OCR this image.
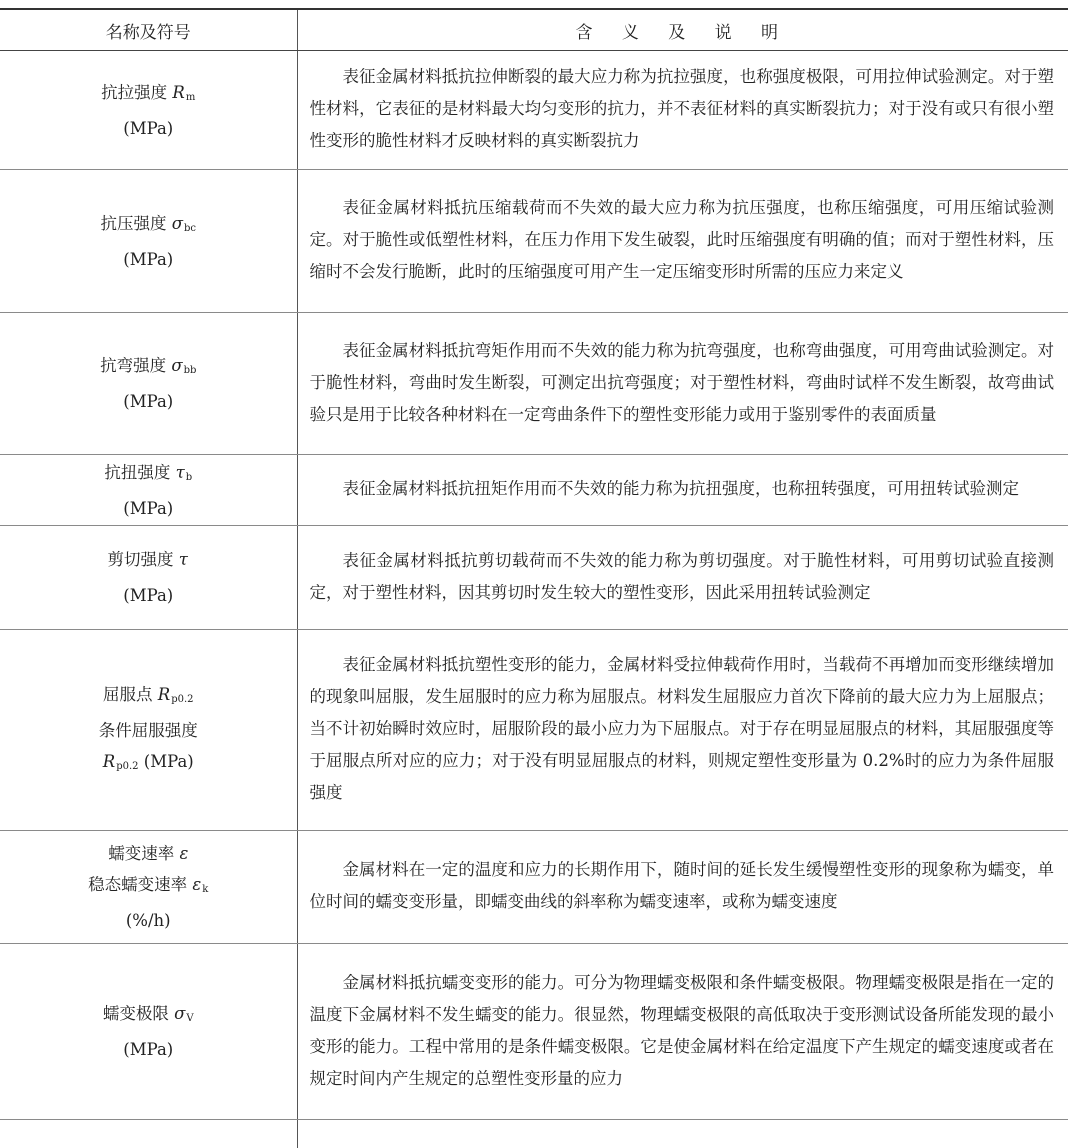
名称及符号	含 义 及 说 明

抗拉强度 $R_m$
(MPa)	表征金属材料抵抗拉伸断裂的最大应力称为抗拉强度，也称强度极限，可用拉伸试验测定。对于塑性材料，它表征的是材料最大均匀变形的抗力，并不表征材料的真实断裂抗力；对于没有或只有很小塑性变形的脆性材料才反映材料的真实断裂抗力

抗压强度 $\sigma_{bc}$
(MPa)	表征金属材料抵抗压缩载荷而不失效的最大应力称为抗压强度，也称压缩强度，可用压缩试验测定。对于脆性或低塑性材料，在压力作用下发生破裂，此时压缩强度有明确的值；而对于塑性材料，压缩时不会发行脆断，此时的压缩强度可用产生一定压缩变形时所需的压应力来定义

抗弯强度 $\sigma_{bb}$
(MPa)	表征金属材料抵抗弯矩作用而不失效的能力称为抗弯强度，也称弯曲强度，可用弯曲试验测定。对于脆性材料，弯曲时发生断裂，可测定出抗弯强度；对于塑性材料，弯曲时试样不发生断裂，故弯曲试验只是用于比较各种材料在一定弯曲条件下的塑性变形能力或用于鉴别零件的表面质量

抗扭强度 $\tau_b$
(MPa)	表征金属材料抵抗扭矩作用而不失效的能力称为抗扭强度，也称扭转强度，可用扭转试验测定

剪切强度 τ
(MPa)	表征金属材料抵抗剪切载荷而不失效的能力称为剪切强度。对于脆性材料，可用剪切试验直接测定，对于塑性材料，因其剪切时发生较大的塑性变形，因此采用扭转试验测定

屈服点 $R_{p0.2}$
条件屈服强度
$R_{p0.2}$ (MPa)	表征金属材料抵抗塑性变形的能力，金属材料受拉伸载荷作用时，当载荷不再增加而变形继续增加的现象叫屈服，发生屈服时的应力称为屈服点。材料发生屈服应力首次下降前的最大应力为上屈服点；当不计初始瞬时效应时，屈服阶段的最小应力为下屈服点。对于存在明显屈服点的材料，其屈服强度等于屈服点所对应的应力；对于没有明显屈服点的材料，则规定塑性变形量为 0.2%时的应力为条件屈服强度

蠕变速率 ε
稳态蠕变速率 $\varepsilon_k$
(%/h)	金属材料在一定的温度和应力的长期作用下，随时间的延长发生缓慢塑性变形的现象称为蠕变，单位时间的蠕变变形量，即蠕变曲线的斜率称为蠕变速率，或称为蠕变速度

蠕变极限 $\sigma_V$
(MPa)	金属材料抵抗蠕变变形的能力。可分为物理蠕变极限和条件蠕变极限。物理蠕变极限是指在一定的温度下金属材料不发生蠕变的能力。很显然，物理蠕变极限的高低取决于变形测试设备所能发现的最小变形的能力。工程中常用的是条件蠕变极限。它是使金属材料在给定温度下产生规定的蠕变速度或者在规定时间内产生规定的总塑性变形量的应力
